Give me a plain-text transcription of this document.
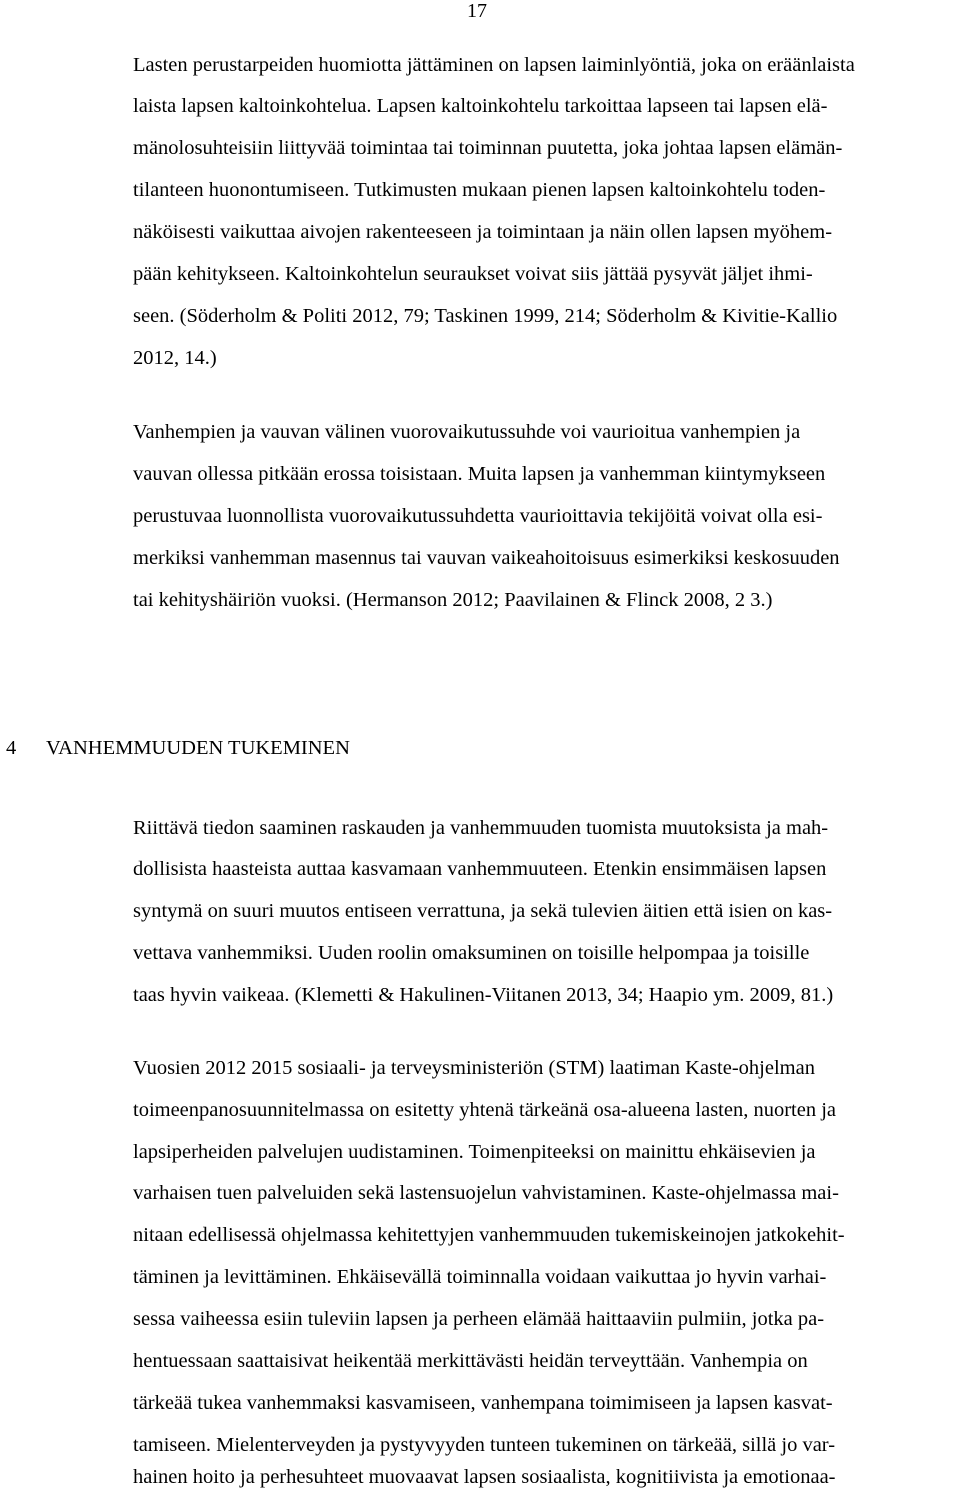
17
Lasten perustarpeiden huomiotta jättäminen on lapsen laiminlyöntiä, joka on eräänlaista
laista lapsen kaltoinkohtelua. Lapsen kaltoinkohtelu tarkoittaa lapseen tai lapsen elä-
mänolosuhteisiin liittyvää toimintaa tai toiminnan puutetta, joka johtaa lapsen elämän-
tilanteen huonontumiseen. Tutkimusten mukaan pienen lapsen kaltoinkohtelu toden-
näköisesti vaikuttaa aivojen rakenteeseen ja toimintaan ja näin ollen lapsen myöhem-
pään kehitykseen. Kaltoinkohtelun seuraukset voivat siis jättää pysyvät jäljet ihmi-
seen. (Söderholm & Politi 2012, 79; Taskinen 1999, 214; Söderholm & Kivitie-Kallio
2012, 14.)
Vanhempien ja vauvan välinen vuorovaikutussuhde voi vaurioitua vanhempien ja
vauvan ollessa pitkään erossa toisistaan. Muita lapsen ja vanhemman kiintymykseen
perustuvaa luonnollista vuorovaikutussuhdetta vaurioittavia tekijöitä voivat olla esi-
merkiksi vanhemman masennus tai vauvan vaikeahoitoisuus esimerkiksi keskosuuden
tai kehityshäiriön vuoksi. (Hermanson 2012; Paavilainen & Flinck 2008, 2 3.)
4 VANHEMMUUDEN TUKEMINEN
Riittävä tiedon saaminen raskauden ja vanhemmuuden tuomista muutoksista ja mah-
dollisista haasteista auttaa kasvamaan vanhemmuuteen. Etenkin ensimmäisen lapsen
syntymä on suuri muutos entiseen verrattuna, ja sekä tulevien äitien että isien on kas-
vettava vanhemmiksi. Uuden roolin omaksuminen on toisille helpompaa ja toisille
taas hyvin vaikeaa. (Klemetti & Hakulinen-Viitanen 2013, 34; Haapio ym. 2009, 81.)
Vuosien 2012 2015 sosiaali- ja terveysministeriön (STM) laatiman Kaste-ohjelman
toimeenpanosuunnitelmassa on esitetty yhtenä tärkeänä osa-alueena lasten, nuorten ja
lapsiperheiden palvelujen uudistaminen. Toimenpiteeksi on mainittu ehkäisevien ja
varhaisen tuen palveluiden sekä lastensuojelun vahvistaminen. Kaste-ohjelmassa mai-
nitaan edellisessä ohjelmassa kehitettyjen vanhemmuuden tukemiskeinojen jatkokehit-
täminen ja levittäminen. Ehkäisevällä toiminnalla voidaan vaikuttaa jo hyvin varhai-
sessa vaiheessa esiin tuleviin lapsen ja perheen elämää haittaaviin pulmiin, jotka pa-
hentuessaan saattaisivat heikentää merkittävästi heidän terveyttään. Vanhempia on
tärkeää tukea vanhemmaksi kasvamiseen, vanhempana toimimiseen ja lapsen kasvat-
tamiseen. Mielenterveyden ja pystyvyyden tunteen tukeminen on tärkeää, sillä jo var-
hainen hoito ja perhesuhteet muovaavat lapsen sosiaalista, kognitiivista ja emotionaa-
